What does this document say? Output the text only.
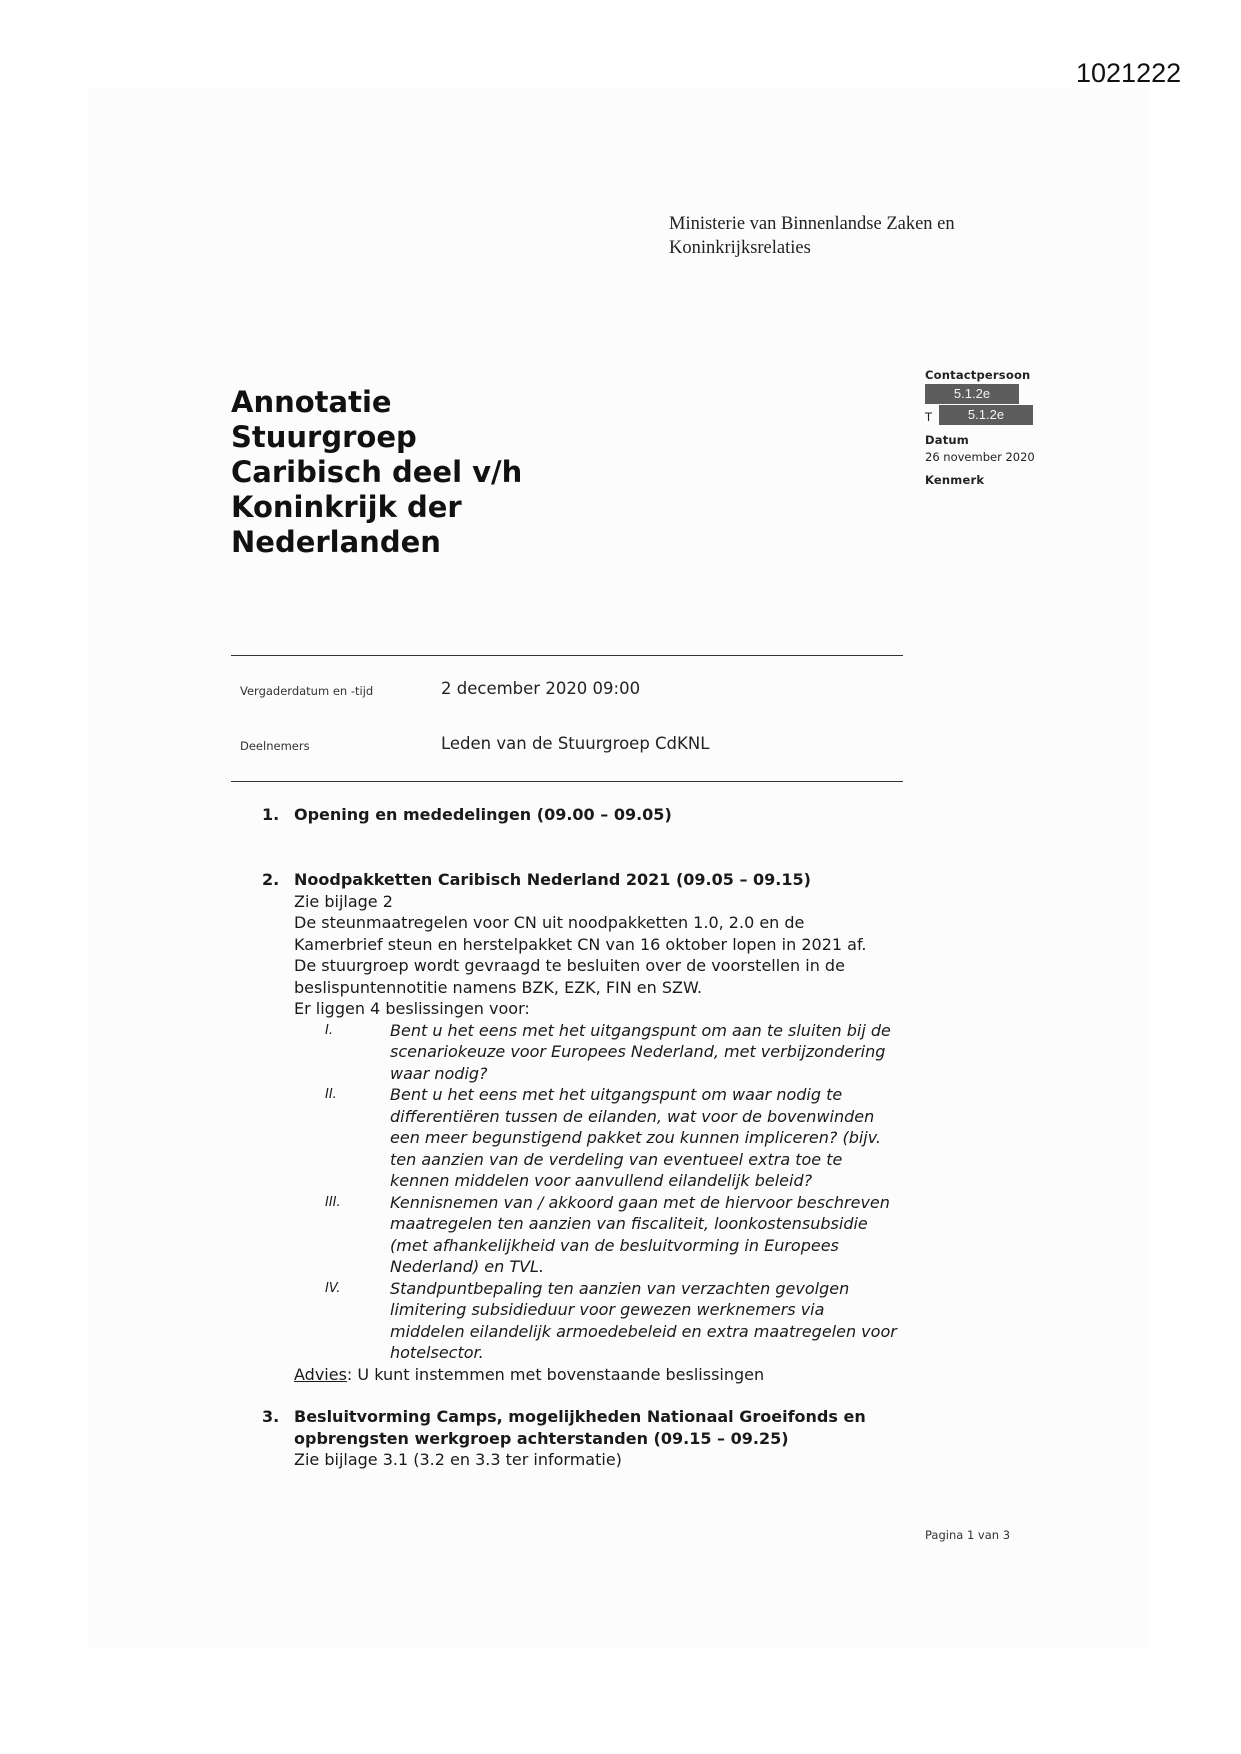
1021222
Ministerie van Binnenlandse Zaken en
Koninkrijksrelaties
Contactpersoon
5.1.2e
T	5.1.2e
Datum
26 november 2020
Kenmerk
Annotatie
Stuurgroep
Caribisch deel v/h
Koninkrijk der
Nederlanden
Vergaderdatum en -tijd	2 december 2020 09:00
Deelnemers	Leden van de Stuurgroep CdKNL
1. Opening en mededelingen (09.00 – 09.05)
2. Noodpakketten Caribisch Nederland 2021 (09.05 – 09.15)
Zie bijlage 2
De steunmaatregelen voor CN uit noodpakketten 1.0, 2.0 en de
Kamerbrief steun en herstelpakket CN van 16 oktober lopen in 2021 af.
De stuurgroep wordt gevraagd te besluiten over de voorstellen in de
beslispuntennotitie namens BZK, EZK, FIN en SZW.
Er liggen 4 beslissingen voor:
I.	Bent u het eens met het uitgangspunt om aan te sluiten bij de
scenariokeuze voor Europees Nederland, met verbijzondering
waar nodig?
II.	Bent u het eens met het uitgangspunt om waar nodig te
differentiëren tussen de eilanden, wat voor de bovenwinden
een meer begunstigend pakket zou kunnen impliceren? (bijv.
ten aanzien van de verdeling van eventueel extra toe te
kennen middelen voor aanvullend eilandelijk beleid?
III.	Kennisnemen van / akkoord gaan met de hiervoor beschreven
maatregelen ten aanzien van fiscaliteit, loonkostensubsidie
(met afhankelijkheid van de besluitvorming in Europees
Nederland) en TVL.
IV.	Standpuntbepaling ten aanzien van verzachten gevolgen
limitering subsidieduur voor gewezen werknemers via
middelen eilandelijk armoedebeleid en extra maatregelen voor
hotelsector.
Advies: U kunt instemmen met bovenstaande beslissingen
3. Besluitvorming Camps, mogelijkheden Nationaal Groeifonds en
opbrengsten werkgroep achterstanden (09.15 – 09.25)
Zie bijlage 3.1 (3.2 en 3.3 ter informatie)
Pagina 1 van 3
